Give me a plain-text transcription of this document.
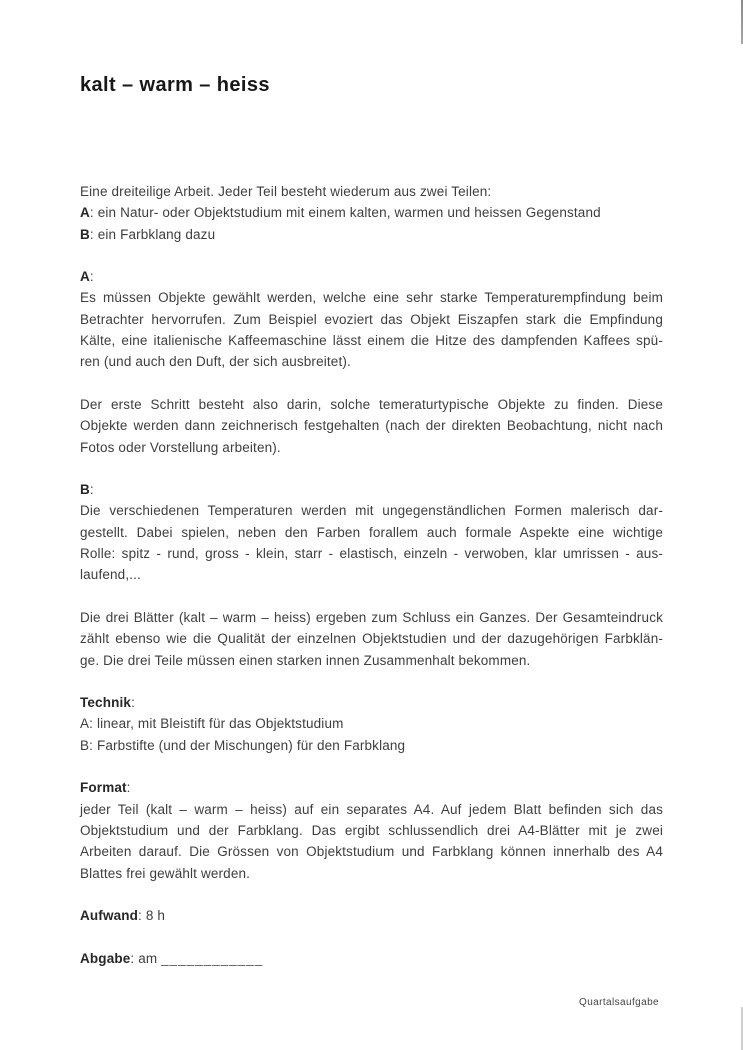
kalt – warm – heiss
Eine dreiteilige Arbeit. Jeder Teil besteht wiederum aus zwei Teilen:
A: ein Natur- oder Objektstudium mit einem kalten, warmen und heissen Gegenstand
B: ein Farbklang dazu
A:
Es müssen Objekte gewählt werden, welche eine sehr starke Temperaturempfindung beim
Betrachter hervorrufen. Zum Beispiel evoziert das Objekt Eiszapfen stark die Empfindung
Kälte, eine italienische Kaffeemaschine lässt einem die Hitze des dampfenden Kaffees spü-
ren (und auch den Duft, der sich ausbreitet).
Der erste Schritt besteht also darin, solche temeraturtypische Objekte zu finden. Diese
Objekte werden dann zeichnerisch festgehalten (nach der direkten Beobachtung, nicht nach
Fotos oder Vorstellung arbeiten).
B:
Die verschiedenen Temperaturen werden mit ungegenständlichen Formen malerisch dar-
gestellt. Dabei spielen, neben den Farben forallem auch formale Aspekte eine wichtige
Rolle: spitz - rund, gross - klein, starr - elastisch, einzeln - verwoben, klar umrissen - aus-
laufend,...
Die drei Blätter (kalt – warm – heiss) ergeben zum Schluss ein Ganzes. Der Gesamteindruck
zählt ebenso wie die Qualität der einzelnen Objektstudien und der dazugehörigen Farbklän-
ge. Die drei Teile müssen einen starken innen Zusammenhalt bekommen.
Technik:
A: linear, mit Bleistift für das Objektstudium
B: Farbstifte (und der Mischungen) für den Farbklang
Format:
jeder Teil (kalt – warm – heiss) auf ein separates A4. Auf jedem Blatt befinden sich das
Objektstudium und der Farbklang. Das ergibt schlussendlich drei A4-Blätter mit je zwei
Arbeiten darauf. Die Grössen von Objektstudium und Farbklang können innerhalb des A4
Blattes frei gewählt werden.
Aufwand: 8 h
Abgabe: am ____________
Quartalsaufgabe
